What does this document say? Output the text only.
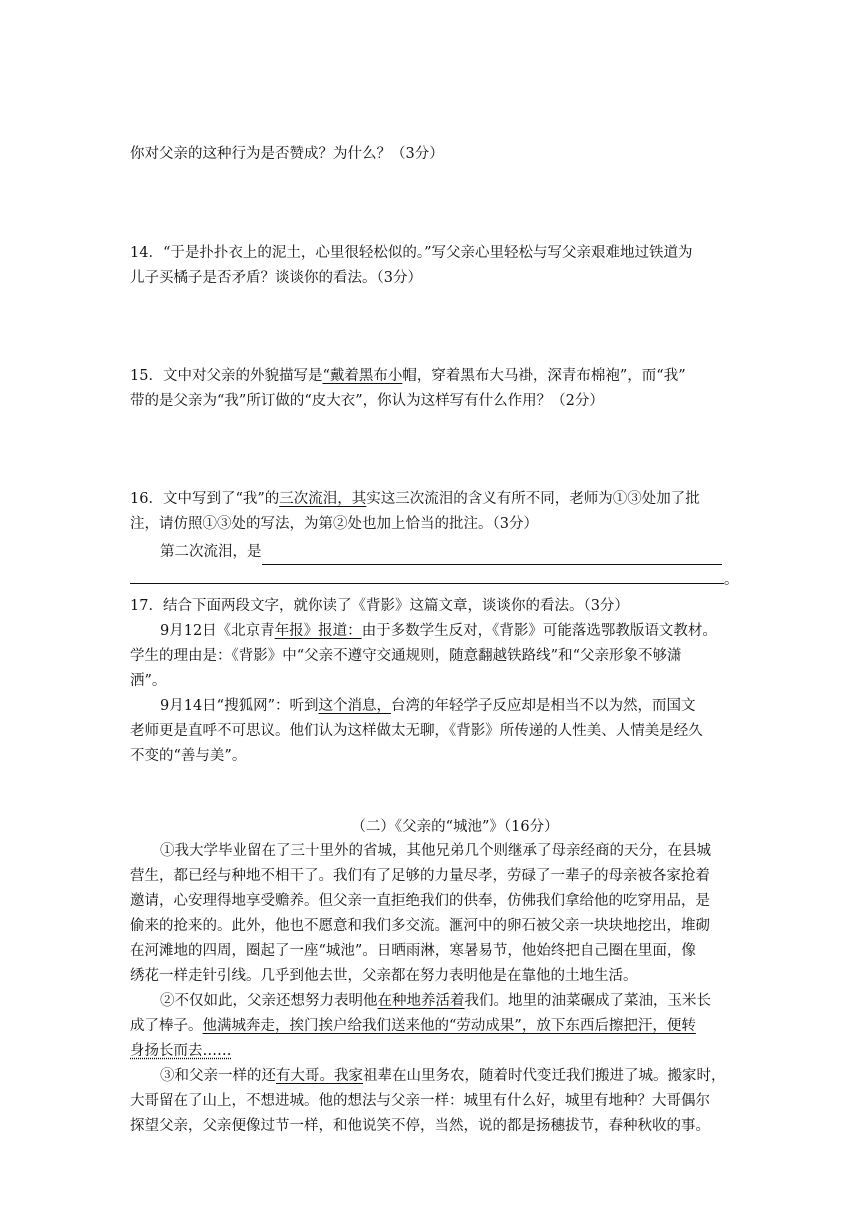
你对父亲的这种行为是否赞成？为什么？（3分）
14．“于是扑扑衣上的泥土，心里很轻松似的。”写父亲心里轻松与写父亲艰难地过铁道为
儿子买橘子是否矛盾？谈谈你的看法。（3分）
15．文中对父亲的外貌描写是“戴着黑布小帽，穿着黑布大马褂，深青布棉袍”，而“我”
带的是父亲为“我”所订做的“皮大衣”，你认为这样写有什么作用？（2分）
16．文中写到了“我”的三次流泪，其实这三次流泪的含义有所不同，老师为①③处加了批
注，请仿照①③处的写法，为第②处也加上恰当的批注。（3分）
第二次流泪，是
。
17．结合下面两段文字，就你读了《背影》这篇文章，谈谈你的看法。（3分）
9月12日《北京青年报》报道：由于多数学生反对，《背影》可能落选鄂教版语文教材。
学生的理由是：《背影》中“父亲不遵守交通规则，随意翻越铁路线”和“父亲形象不够潇
洒”。
9月14日“搜狐网”：听到这个消息，台湾的年轻学子反应却是相当不以为然，而国文
老师更是直呼不可思议。他们认为这样做太无聊，《背影》所传递的人性美、人情美是经久
不变的“善与美”。
（二）《父亲的“城池”》（16分）
①我大学毕业留在了三十里外的省城，其他兄弟几个则继承了母亲经商的天分，在县城
营生，都已经与种地不相干了。我们有了足够的力量尽孝，劳碌了一辈子的母亲被各家抢着
邀请，心安理得地享受赡养。但父亲一直拒绝我们的供奉，仿佛我们拿给他的吃穿用品，是
偷来的抢来的。此外，他也不愿意和我们多交流。滙河中的卵石被父亲一块块地挖出，堆砌
在河滩地的四周，圈起了一座“城池”。日晒雨淋，寒暑易节，他始终把自己圈在里面，像
绣花一样走针引线。几乎到他去世，父亲都在努力表明他是在靠他的土地生活。
②不仅如此，父亲还想努力表明他在种地养活着我们。地里的油菜碾成了菜油，玉米长
成了棒子。他满城奔走，挨门挨户给我们送来他的“劳动成果”，放下东西后擦把汗，便转
身扬长而去……
③和父亲一样的还有大哥。我家祖辈在山里务农，随着时代变迁我们搬进了城。搬家时，
大哥留在了山上，不想进城。他的想法与父亲一样：城里有什么好，城里有地种？大哥偶尔
探望父亲，父亲便像过节一样，和他说笑不停，当然，说的都是扬穗拔节，春种秋收的事。
